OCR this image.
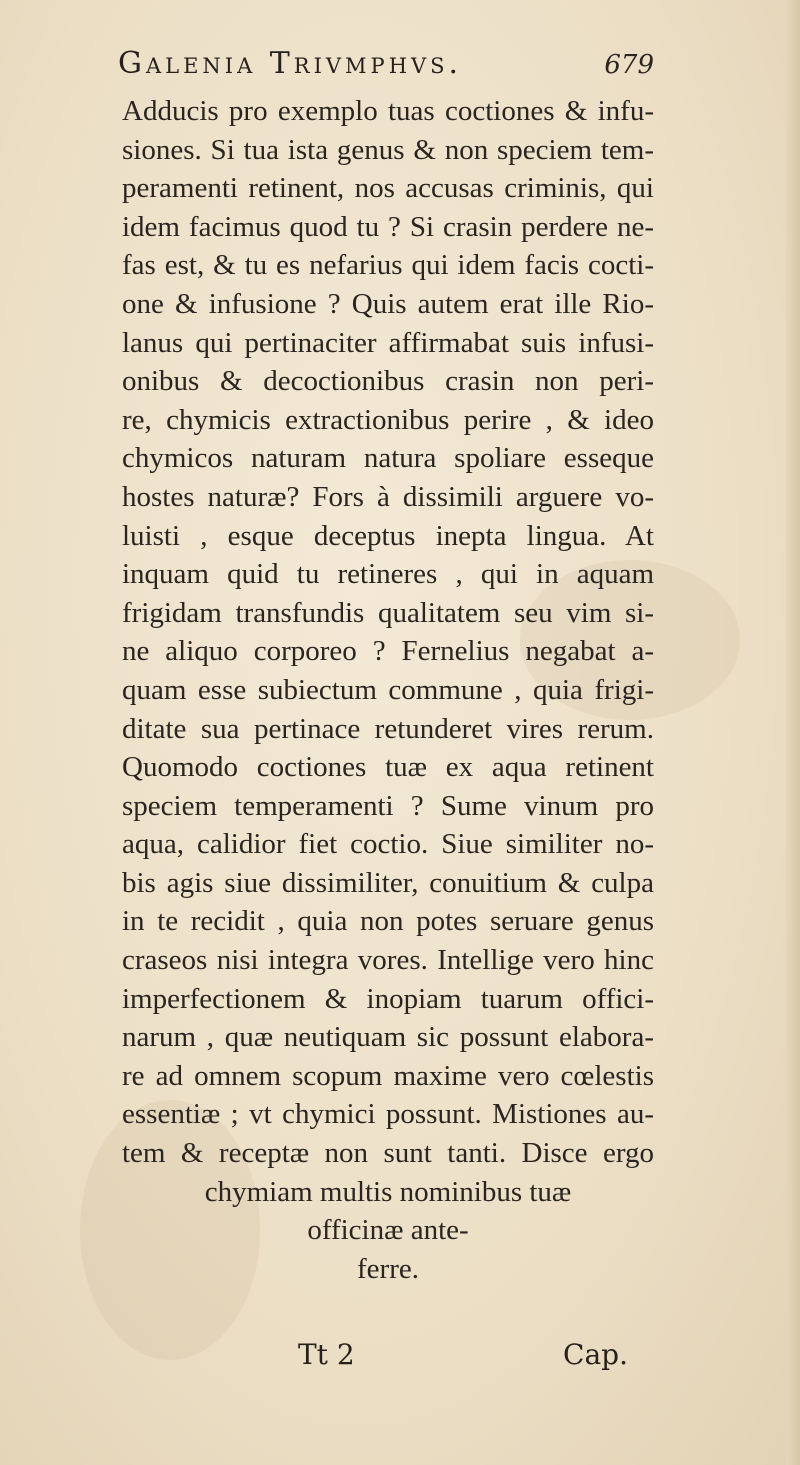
Galenia Trivmphvs.	679
Adducis pro exemplo tuas coctiones & infu-
siones. Si tua ista genus & non speciem tem-
peramenti retinent, nos accusas criminis, qui
idem facimus quod tu ? Si crasin perdere ne-
fas est, & tu es nefarius qui idem facis cocti-
one & infusione ? Quis autem erat ille Rio-
lanus qui pertinaciter affirmabat suis infusi-
onibus & decoctionibus crasin non peri-
re, chymicis extractionibus perire , & ideo
chymicos naturam natura spoliare esseque
hostes naturæ? Fors à dissimili arguere vo-
luisti , esque deceptus inepta lingua. At
inquam quid tu retineres , qui in aquam
frigidam transfundis qualitatem seu vim si-
ne aliquo corporeo ? Fernelius negabat a-
quam esse subiectum commune , quia frigi-
ditate sua pertinace retunderet vires rerum.
Quomodo coctiones tuæ ex aqua retinent
speciem temperamenti ? Sume vinum pro
aqua, calidior fiet coctio. Siue similiter no-
bis agis siue dissimiliter, conuitium & culpa
in te recidit , quia non potes seruare genus
craseos nisi integra vores. Intellige vero hinc
imperfectionem & inopiam tuarum offici-
narum , quæ neutiquam sic possunt elabora-
re ad omnem scopum maxime vero cœlestis
essentiæ ; vt chymici possunt. Mistiones au-
tem & receptæ non sunt tanti. Disce ergo
chymiam multis nominibus tuæ
officinæ ante-
ferre.
Tt 2	Cap.
